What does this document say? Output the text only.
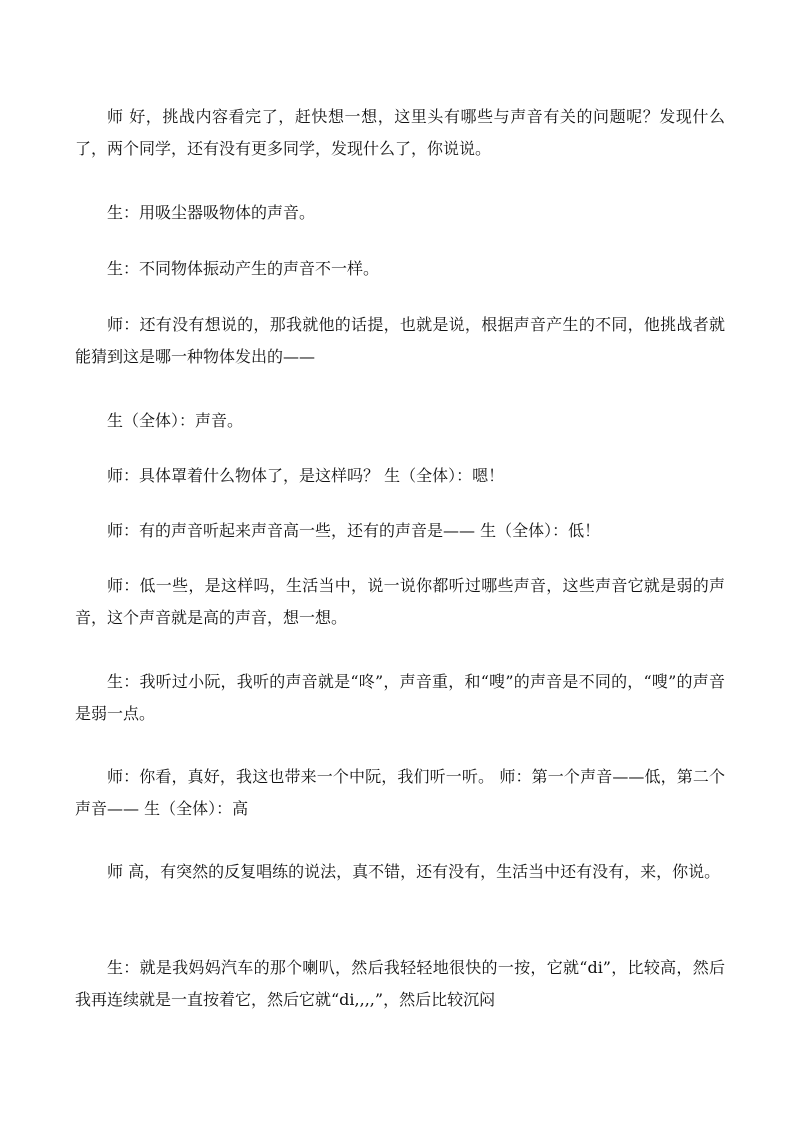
师 好，挑战内容看完了，赶快想一想，这里头有哪些与声音有关的问题呢？发现什么了，两个同学，还有没有更多同学，发现什么了，你说说。

生：用吸尘器吸物体的声音。

生：不同物体振动产生的声音不一样。

师：还有没有想说的，那我就他的话提，也就是说，根据声音产生的不同，他挑战者就能猜到这是哪一种物体发出的——

生（全体）：声音。

师：具体罩着什么物体了，是这样吗？ 生（全体）：嗯！

师：有的声音听起来声音高一些，还有的声音是—— 生（全体）：低！

师：低一些，是这样吗，生活当中，说一说你都听过哪些声音，这些声音它就是弱的声音，这个声音就是高的声音，想一想。

生：我听过小阮，我听的声音就是“咚”，声音重，和“嗖”的声音是不同的，“嗖”的声音是弱一点。

师：你看，真好，我这也带来一个中阮，我们听一听。 师：第一个声音——低，第二个声音—— 生（全体）：高

师 高，有突然的反复唱练的说法，真不错，还有没有，生活当中还有没有，来，你说。

生：就是我妈妈汽车的那个喇叭，然后我轻轻地很快的一按，它就“di”，比较高，然后我再连续就是一直按着它，然后它就“di,,,,”，然后比较沉闷
